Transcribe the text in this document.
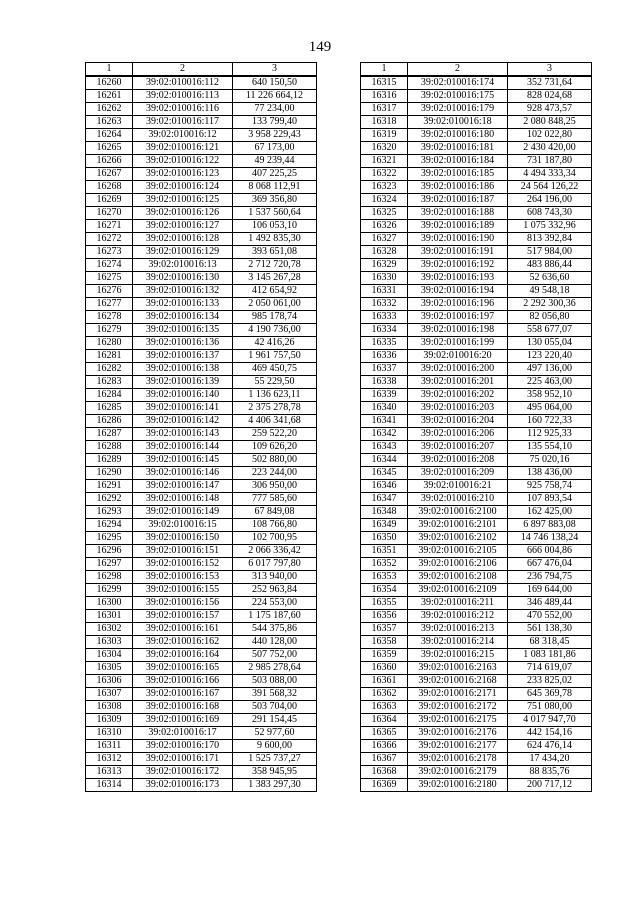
149
1	2	3
16260	39:02:010016:112	640 150,50
16261	39:02:010016:113	11 226 664,12
16262	39:02:010016:116	77 234,00
16263	39:02:010016:117	133 799,40
16264	39:02:010016:12	3 958 229,43
16265	39:02:010016:121	67 173,00
16266	39:02:010016:122	49 239,44
16267	39:02:010016:123	407 225,25
16268	39:02:010016:124	8 068 112,91
16269	39:02:010016:125	369 356,80
16270	39:02:010016:126	1 537 560,64
16271	39:02:010016:127	106 053,10
16272	39:02:010016:128	1 492 835,30
16273	39:02:010016:129	393 651,08
16274	39:02:010016:13	2 712 720,78
16275	39:02:010016:130	3 145 267,28
16276	39:02:010016:132	412 654,92
16277	39:02:010016:133	2 050 061,00
16278	39:02:010016:134	985 178,74
16279	39:02:010016:135	4 190 736,00
16280	39:02:010016:136	42 416,26
16281	39:02:010016:137	1 961 757,50
16282	39:02:010016:138	469 450,75
16283	39:02:010016:139	55 229,50
16284	39:02:010016:140	1 136 623,11
16285	39:02:010016:141	2 375 278,78
16286	39:02:010016:142	4 406 341,68
16287	39:02:010016:143	259 522,20
16288	39:02:010016:144	109 626,20
16289	39:02:010016:145	502 880,00
16290	39:02:010016:146	223 244,00
16291	39:02:010016:147	306 950,00
16292	39:02:010016:148	777 585,60
16293	39:02:010016:149	67 849,08
16294	39:02:010016:15	108 766,80
16295	39:02:010016:150	102 700,95
16296	39:02:010016:151	2 066 336,42
16297	39:02:010016:152	6 017 797,80
16298	39:02:010016:153	313 940,00
16299	39:02:010016:155	252 963,84
16300	39:02:010016:156	224 553,00
16301	39:02:010016:157	1 175 187,60
16302	39:02:010016:161	544 375,86
16303	39:02:010016:162	440 128,00
16304	39:02:010016:164	507 752,00
16305	39:02:010016:165	2 985 278,64
16306	39:02:010016:166	503 088,00
16307	39:02:010016:167	391 568,32
16308	39:02:010016:168	503 704,00
16309	39:02:010016:169	291 154,45
16310	39:02:010016:17	52 977,60
16311	39:02:010016:170	9 600,00
16312	39:02:010016:171	1 525 737,27
16313	39:02:010016:172	358 945,95
16314	39:02:010016:173	1 383 297,30
1	2	3
16315	39:02:010016:174	352 731,64
16316	39:02:010016:175	828 024,68
16317	39:02:010016:179	928 473,57
16318	39:02:010016:18	2 080 848,25
16319	39:02:010016:180	102 022,80
16320	39:02:010016:181	2 430 420,00
16321	39:02:010016:184	731 187,80
16322	39:02:010016:185	4 494 333,34
16323	39:02:010016:186	24 564 126,22
16324	39:02:010016:187	264 196,00
16325	39:02:010016:188	608 743,30
16326	39:02:010016:189	1 075 332,96
16327	39:02:010016:190	813 392,84
16328	39:02:010016:191	517 984,00
16329	39:02:010016:192	483 886,44
16330	39:02:010016:193	52 636,60
16331	39:02:010016:194	49 548,18
16332	39:02:010016:196	2 292 300,36
16333	39:02:010016:197	82 056,80
16334	39:02:010016:198	558 677,07
16335	39:02:010016:199	130 055,04
16336	39:02:010016:20	123 220,40
16337	39:02:010016:200	497 136,00
16338	39:02:010016:201	225 463,00
16339	39:02:010016:202	358 952,10
16340	39:02:010016:203	495 064,00
16341	39:02:010016:204	160 722,33
16342	39:02:010016:206	112 925,33
16343	39:02:010016:207	135 554,10
16344	39:02:010016:208	75 020,16
16345	39:02:010016:209	138 436,00
16346	39:02:010016:21	925 758,74
16347	39:02:010016:210	107 893,54
16348	39:02:010016:2100	162 425,00
16349	39:02:010016:2101	6 897 883,08
16350	39:02:010016:2102	14 746 138,24
16351	39:02:010016:2105	666 004,86
16352	39:02:010016:2106	667 476,04
16353	39:02:010016:2108	236 794,75
16354	39:02:010016:2109	169 644,00
16355	39:02:010016:211	346 489,44
16356	39:02:010016:212	470 552,00
16357	39:02:010016:213	561 138,30
16358	39:02:010016:214	68 318,45
16359	39:02:010016:215	1 083 181,86
16360	39:02:010016:2163	714 619,07
16361	39:02:010016:2168	233 825,02
16362	39:02:010016:2171	645 369,78
16363	39:02:010016:2172	751 080,00
16364	39:02:010016:2175	4 017 947,70
16365	39:02:010016:2176	442 154,16
16366	39:02:010016:2177	624 476,14
16367	39:02:010016:2178	17 434,20
16368	39:02:010016:2179	88 835,76
16369	39:02:010016:2180	200 717,12
